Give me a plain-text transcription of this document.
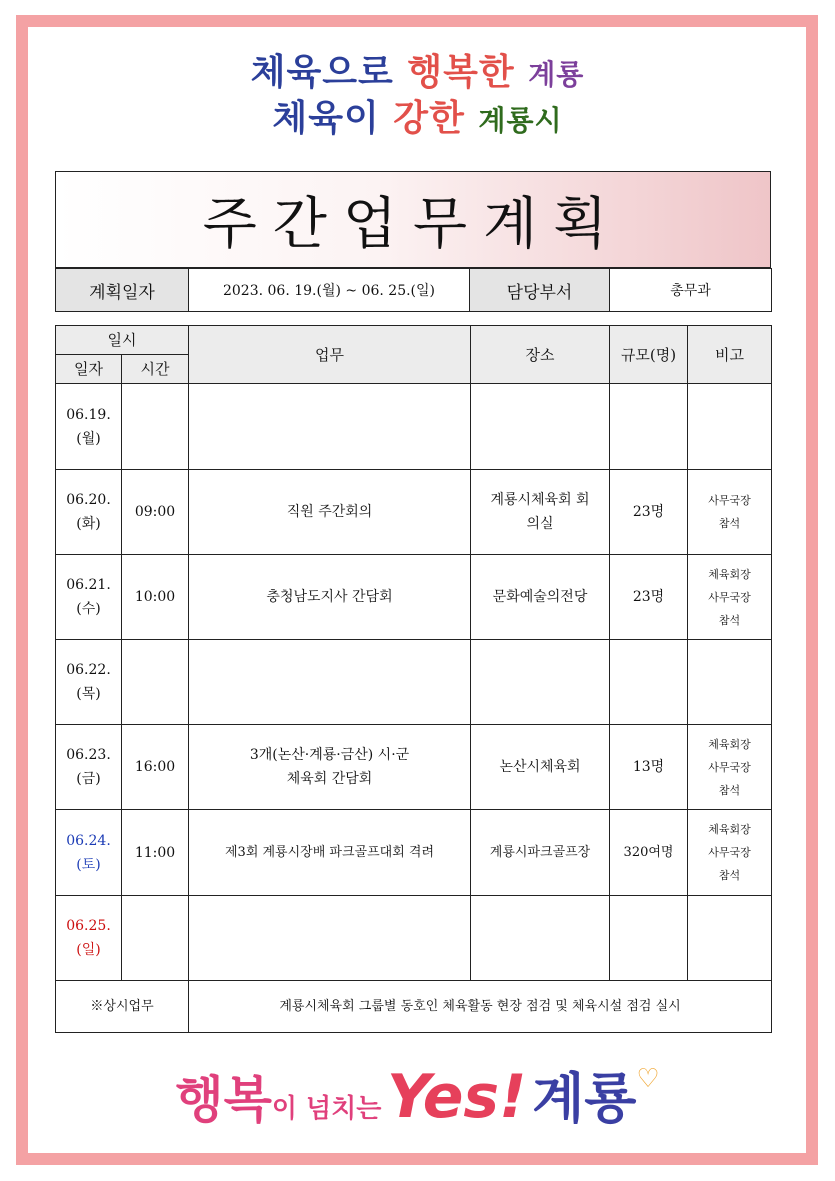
체육으로 행복한 계룡
체육이 강한 계룡시
주간업무계획
계획일자	2023. 06. 19.(월) ~ 06. 25.(일)	담당부서	총무과
일시		업무	장소	규모(명)	비고
일자	시간				

06.19.
(월)					

06.20.
(화)	09:00	직원 주간회의	계룡시체육회 회의실	23명	사무국장 참석

06.21.
(수)	10:00	충청남도지사 간담회	문화예술의전당	23명	체육회장 사무국장 참석

06.22.
(목)					

06.23.
(금)	16:00	3개(논산·계룡·금산) 시·군체육회 간담회	논산시체육회	13명	체육회장 사무국장 참석

06.24.
(토)	11:00	제3회 계룡시장배 파크골프대회 격려	계룡시파크골프장	320여명	체육회장 사무국장 참석

06.25.
(일)					

※상시업무		계룡시체육회 그룹별 동호인 체육활동 현장 점검 및 체육시설 점검 실시			
행복이 넘치는 Yes! 계룡♡
